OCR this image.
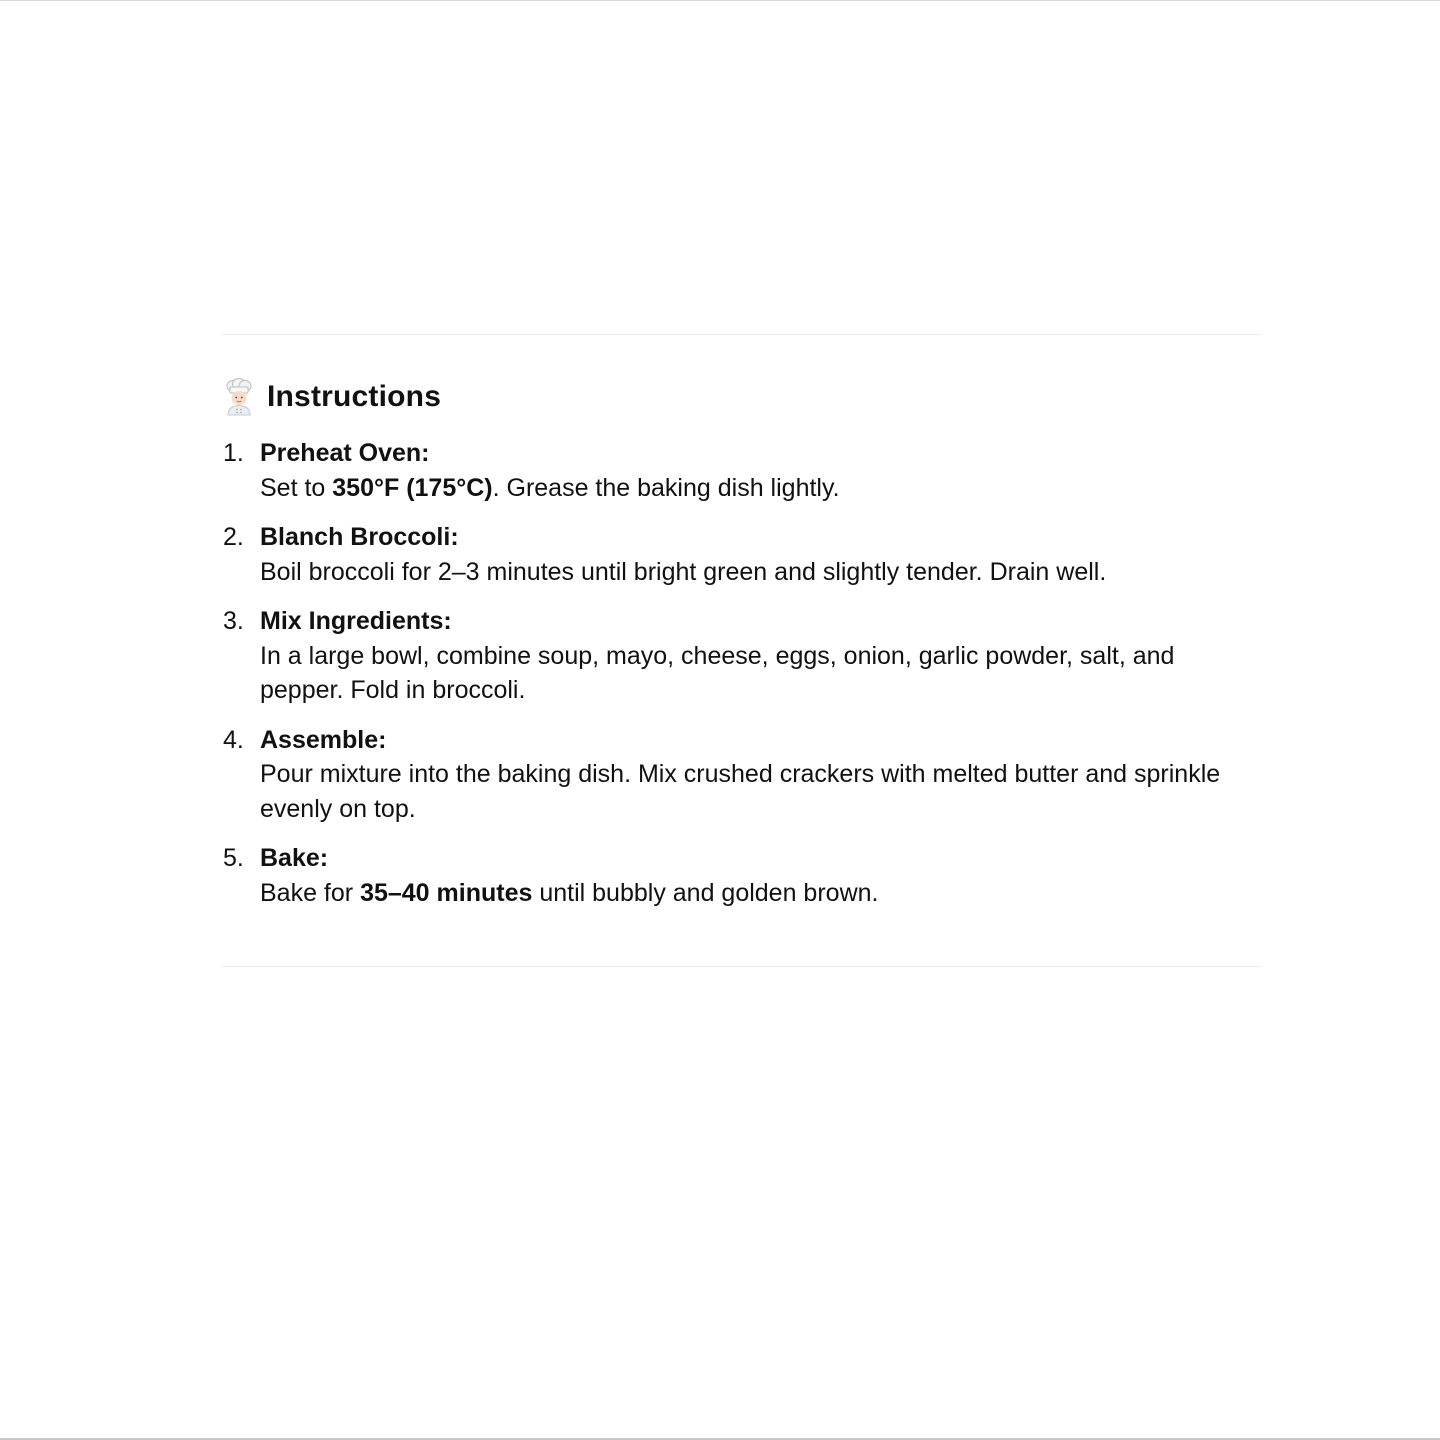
Instructions
1. Preheat Oven:
Set to 350°F (175°C). Grease the baking dish lightly.
2. Blanch Broccoli:
Boil broccoli for 2–3 minutes until bright green and slightly tender. Drain well.
3. Mix Ingredients:
In a large bowl, combine soup, mayo, cheese, eggs, onion, garlic powder, salt, and pepper. Fold in broccoli.
4. Assemble:
Pour mixture into the baking dish. Mix crushed crackers with melted butter and sprinkle evenly on top.
5. Bake:
Bake for 35–40 minutes until bubbly and golden brown.
